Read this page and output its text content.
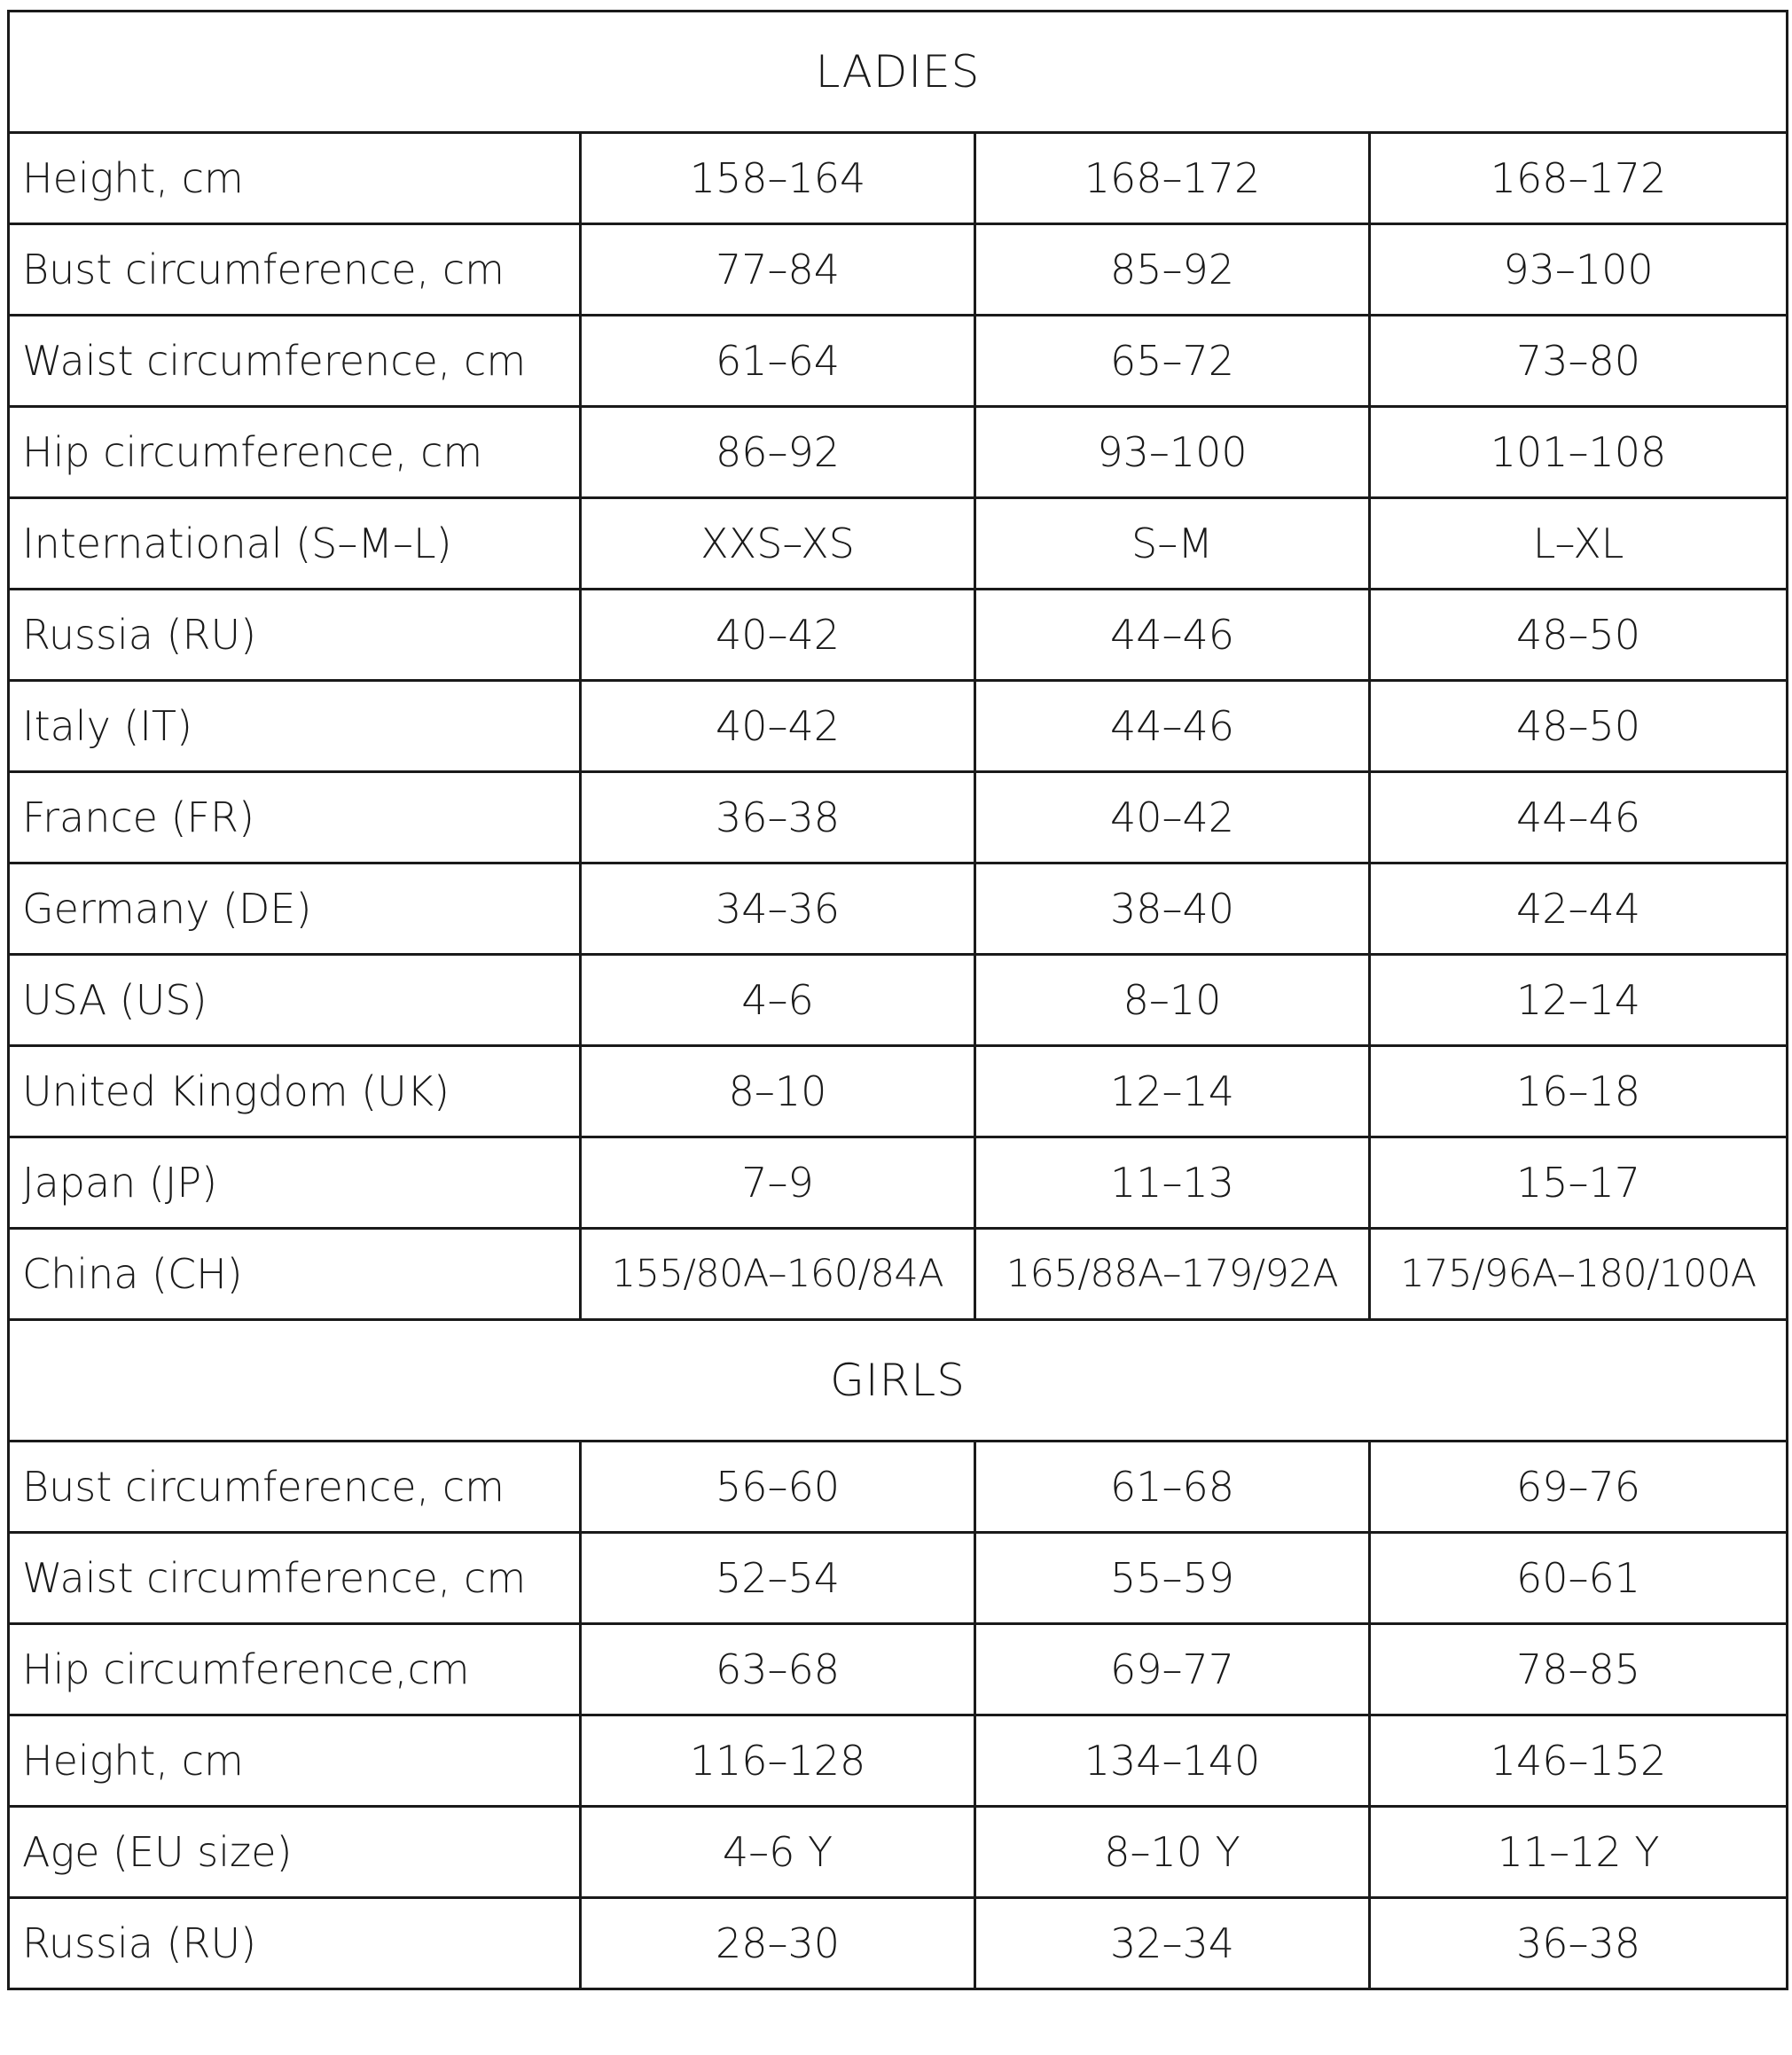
LADIES			
Height, cm	158–164	168–172	168–172
Bust circumference, cm	77–84	85–92	93–100
Waist circumference, cm	61–64	65–72	73–80
Hip circumference, cm	86–92	93–100	101–108
International (S–M–L)	XXS–XS	S–M	L–XL
Russia (RU)	40–42	44–46	48–50
Italy (IT)	40–42	44–46	48–50
France (FR)	36–38	40–42	44–46
Germany (DE)	34–36	38–40	42–44
USA (US)	4–6	8–10	12–14
United Kingdom (UK)	8–10	12–14	16–18
Japan (JP)	7–9	11–13	15–17
China (CH)	155/80A–160/84A	165/88A–179/92A	175/96A–180/100A
GIRLS			
Bust circumference, cm	56–60	61–68	69–76
Waist circumference, cm	52–54	55–59	60–61
Hip circumference,cm	63–68	69–77	78–85
Height, cm	116–128	134–140	146–152
Age (EU size)	4–6 Y	8–10 Y	11–12 Y
Russia (RU)	28–30	32–34	36–38
